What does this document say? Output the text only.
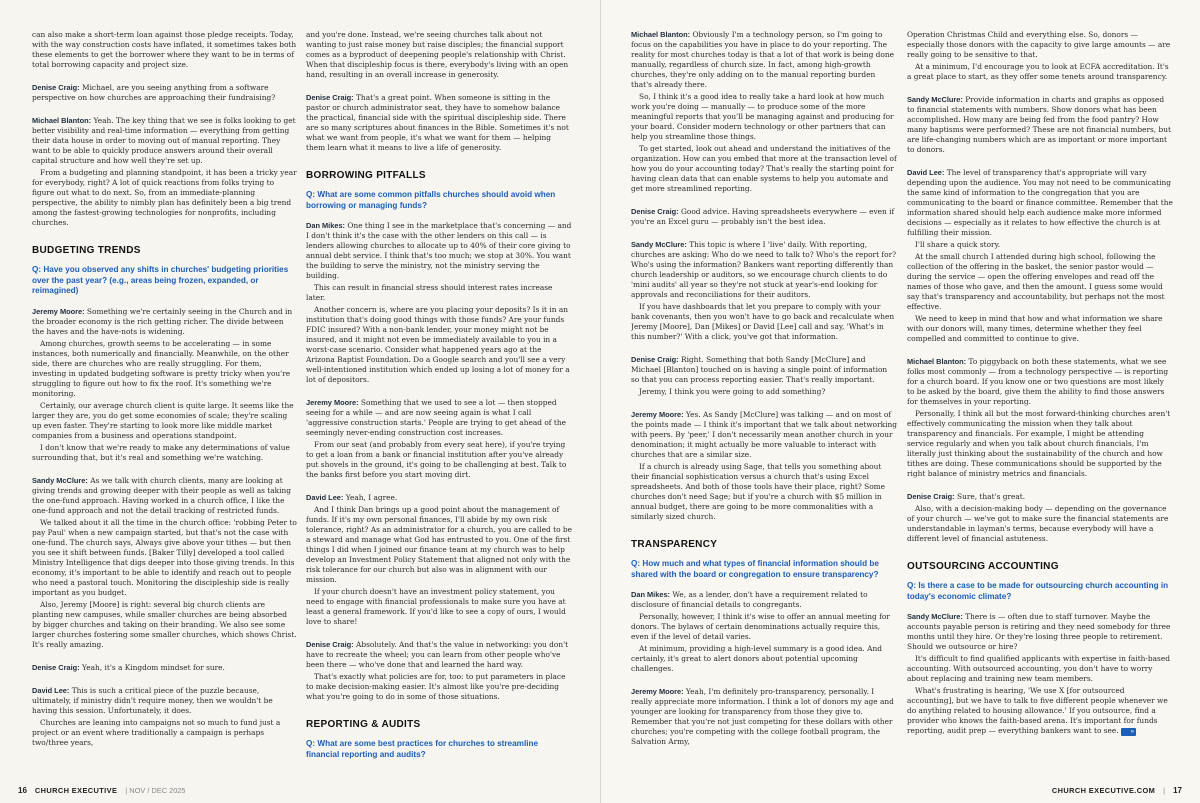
can also make a short-term loan against those pledge receipts. Today, with the way construction costs have inflated, it sometimes takes both these elements to get the borrower where they want to be in terms of total borrowing capacity and project size.

Denise Craig: Michael, are you seeing anything from a software perspective on how churches are approaching their fundraising?

Michael Blanton: Yeah. The key thing that we see is folks looking to get better visibility and real-time information — everything from getting their data house in order to moving out of manual reporting. They want to be able to quickly produce answers around their overall capital structure and how well they're set up.

From a budgeting and planning standpoint, it has been a tricky year for everybody, right? A lot of quick reactions from folks trying to figure out what to do next. So, from an immediate-planning perspective, the ability to nimbly plan has definitely been a big trend among the fastest-growing technologies for nonprofits, including churches.

BUDGETING TRENDS
Q: Have you observed any shifts in churches' budgeting priorities over the past year? (e.g., areas being frozen, expanded, or reimagined)

Jeremy Moore: Something we're certainly seeing in the Church and in the broader economy is the rich getting richer. The divide between the haves and the have-nots is widening.

Among churches, growth seems to be accelerating — in some instances, both numerically and financially. Meanwhile, on the other side, there are churches who are really struggling. For them, investing in updated budgeting software is pretty tricky when you're struggling to figure out how to fix the roof. It's something we're monitoring.

Certainly, our average church client is quite large. It seems like the larger they are, you do get some economies of scale; they're scaling up even faster. They're starting to look more like middle market companies from a business and operations standpoint.

I don't know that we're ready to make any determinations of value surrounding that, but it's real and something we're watching.

Sandy McClure: As we talk with church clients, many are looking at giving trends and growing deeper with their people as well as taking the one-fund approach. Having worked in a church office, I like the one-fund approach and not the detail tracking of restricted funds.

We talked about it all the time in the church office: 'robbing Peter to pay Paul' when a new campaign started, but that's not the case with one-fund. The church says, Always give above your tithes — but then you see it shift between funds. [Baker Tilly] developed a tool called Ministry Intelligence that digs deeper into those giving trends. In this economy, it's important to be able to identify and reach out to people who need a pastoral touch. Monitoring the discipleship side is really important as you budget.

Also, Jeremy [Moore] is right: several big church clients are planting new campuses, while smaller churches are being absorbed by bigger churches and taking on their branding. We also see some larger churches fostering some smaller churches, which shows Christ. It's really amazing.

Denise Craig: Yeah, it's a Kingdom mindset for sure.

David Lee: This is such a critical piece of the puzzle because, ultimately, if ministry didn't require money, then we wouldn't be having this session. Unfortunately, it does.

Churches are leaning into campaigns not so much to fund just a project or an event where traditionally a campaign is perhaps two/three years,

and you're done. Instead, we're seeing churches talk about not wanting to just raise money but raise disciples; the financial support comes as a byproduct of deepening people's relationship with Christ. When that discipleship focus is there, everybody's living with an open hand, resulting in an overall increase in generosity.

Denise Craig: That's a great point. When someone is sitting in the pastor or church administrator seat, they have to somehow balance the practical, financial side with the spiritual discipleship side. There are so many scriptures about finances in the Bible. Sometimes it's not what we want from people, it's what we want for them — helping them learn what it means to live a life of generosity.

BORROWING PITFALLS
Q: What are some common pitfalls churches should avoid when borrowing or managing funds?

Dan Mikes: One thing I see in the marketplace that's concerning — and I don't think it's the case with the other lenders on this call — is lenders allowing churches to allocate up to 40% of their core giving to annual debt service. I think that's too much; we stop at 30%. You want the building to serve the ministry, not the ministry serving the building.

This can result in financial stress should interest rates increase later.

Another concern is, where are you placing your deposits? Is it in an institution that's doing good things with those funds? Are your funds FDIC insured? With a non-bank lender, your money might not be insured, and it might not even be immediately available to you in a worst-case scenario. Consider what happened years ago at the Arizona Baptist Foundation. Do a Google search and you'll see a very well-intentioned institution which ended up losing a lot of money for a lot of depositors.

Jeremy Moore: Something that we used to see a lot — then stopped seeing for a while — and are now seeing again is what I call 'aggressive construction starts.' People are trying to get ahead of the seemingly never-ending construction cost increases.

From our seat (and probably from every seat here), if you're trying to get a loan from a bank or financial institution after you've already put shovels in the ground, it's going to be challenging at best. Talk to the banks first before you start moving dirt.

David Lee: Yeah, I agree.

And I think Dan brings up a good point about the management of funds. If it's my own personal finances, I'll abide by my own risk tolerance, right? As an administrator for a church, you are called to be a steward and manage what God has entrusted to you. One of the first things I did when I joined our finance team at my church was to help develop an Investment Policy Statement that aligned not only with the risk tolerance for our church but also was in alignment with our mission.

If your church doesn't have an investment policy statement, you need to engage with financial professionals to make sure you have at least a general framework. If you'd like to see a copy of ours, I would love to share!

Denise Craig: Absolutely. And that's the value in networking: you don't have to recreate the wheel; you can learn from other people who've been there — who've done that and learned the hard way.

That's exactly what policies are for, too: to put parameters in place to make decision-making easier. It's almost like you're pre-deciding what you're going to do in some of those situations.

REPORTING & AUDITS
Q: What are some best practices for churches to streamline financial reporting and audits?
16 CHURCH EXECUTIVE | NOV / DEC 2025

Michael Blanton: Obviously I'm a technology person, so I'm going to focus on the capabilities you have in place to do your reporting. The reality for most churches today is that a lot of that work is being done manually, regardless of church size. In fact, among high-growth churches, they're only adding on to the manual reporting burden that's already there.

So, I think it's a good idea to really take a hard look at how much work you're doing — manually — to produce some of the more meaningful reports that you'll be managing against and producing for your board. Consider modern technology or other partners that can help you streamline those things.

To get started, look out ahead and understand the initiatives of the organization. How can you embed that more at the transaction level of how you do your accounting today? That's really the starting point for having clean data that can enable systems to help you automate and get more streamlined reporting.

Denise Craig: Good advice. Having spreadsheets everywhere — even if you're an Excel guru — probably isn't the best idea.

Sandy McClure: This topic is where I 'live' daily. With reporting, churches are asking: Who do we need to talk to? Who's the report for? Who's using the information? Bankers want reporting differently than church leadership or auditors, so we encourage church clients to do 'mini audits' all year so they're not stuck at year's-end looking for approvals and reconciliations for their auditors.

If you have dashboards that let you prepare to comply with your bank covenants, then you won't have to go back and recalculate when Jeremy [Moore], Dan [Mikes] or David [Lee] call and say, 'What's in this number?' With a click, you've got that information.

Denise Craig: Right. Something that both Sandy [McClure] and Michael [Blanton] touched on is having a single point of information so that you can process reporting easier. That's really important.

Jeremy, I think you were going to add something?

Jeremy Moore: Yes. As Sandy [McClure] was talking — and on most of the points made — I think it's important that we talk about networking with peers. By 'peer,' I don't necessarily mean another church in your denomination; it might actually be more valuable to interact with churches that are a similar size.

If a church is already using Sage, that tells you something about their financial sophistication versus a church that's using Excel spreadsheets. And both of those tools have their place, right? Some churches don't need Sage; but if you're a church with $5 million in annual budget, there are going to be more commonalities with a similarly sized church.

TRANSPARENCY
Q: How much and what types of financial information should be shared with the board or congregation to ensure transparency?

Dan Mikes: We, as a lender, don't have a requirement related to disclosure of financial details to congregants.

Personally, however, I think it's wise to offer an annual meeting for donors. The bylaws of certain denominations actually require this, even if the level of detail varies.

At minimum, providing a high-level summary is a good idea. And certainly, it's great to alert donors about potential upcoming challenges.

Jeremy Moore: Yeah, I'm definitely pro-transparency, personally. I really appreciate more information. I think a lot of donors my age and younger are looking for transparency from those they give to. Remember that you're not just competing for these dollars with other churches; you're competing with the college football program, the Salvation Army,

Operation Christmas Child and everything else. So, donors — especially those donors with the capacity to give large amounts — are really going to be sensitive to that.

At a minimum, I'd encourage you to look at ECFA accreditation. It's a great place to start, as they offer some tenets around transparency.

Sandy McClure: Provide information in charts and graphs as opposed to financial statements with numbers. Show donors what has been accomplished. How many are being fed from the food pantry? How many baptisms were performed? These are not financial numbers, but are life-changing numbers which are as important or more important to donors.

David Lee: The level of transparency that's appropriate will vary depending upon the audience. You may not need to be communicating the same kind of information to the congregation that you are communicating to the board or finance committee. Remember that the information shared should help each audience make more informed decisions — especially as it relates to how effective the church is at fulfilling their mission.

I'll share a quick story.

At the small church I attended during high school, following the collection of the offering in the basket, the senior pastor would — during the service — open the offering envelopes and read off the names of those who gave, and then the amount. I guess some would say that's transparency and accountability, but perhaps not the most effective.

We need to keep in mind that how and what information we share with our donors will, many times, determine whether they feel compelled and committed to continue to give.

Michael Blanton: To piggyback on both these statements, what we see folks most commonly — from a technology perspective — is reporting for a church board. If you know one or two questions are most likely to be asked by the board, give them the ability to find those answers for themselves in your reporting.

Personally, I think all but the most forward-thinking churches aren't effectively communicating the mission when they talk about transparency and financials. For example, I might be attending service regularly and when you talk about church financials, I'm literally just thinking about the sustainability of the church and how tithes are doing. These communications should be supported by the right balance of ministry metrics and financials.

Denise Craig: Sure, that's great.

Also, with a decision-making body — depending on the governance of your church — we've got to make sure the financial statements are understandable in layman's terms, because everybody will have a different level of financial astuteness.

OUTSOURCING ACCOUNTING
Q: Is there a case to be made for outsourcing church accounting in today's economic climate?

Sandy McClure: There is — often due to staff turnover. Maybe the accounts payable person is retiring and they need somebody for three months until they hire. Or they're losing three people to retirement. Should we outsource or hire?

It's difficult to find qualified applicants with expertise in faith-based accounting. With outsourced accounting, you don't have to worry about replacing and training new team members.

What's frustrating is hearing, 'We use X [for outsourced accounting], but we have to talk to five different people whenever we do anything related to housing allowance.' If you outsource, find a provider who knows the faith-based arena. It's important for funds reporting, audit prep — everything bankers want to see. »

CHURCH EXECUTIVE.COM | 17
